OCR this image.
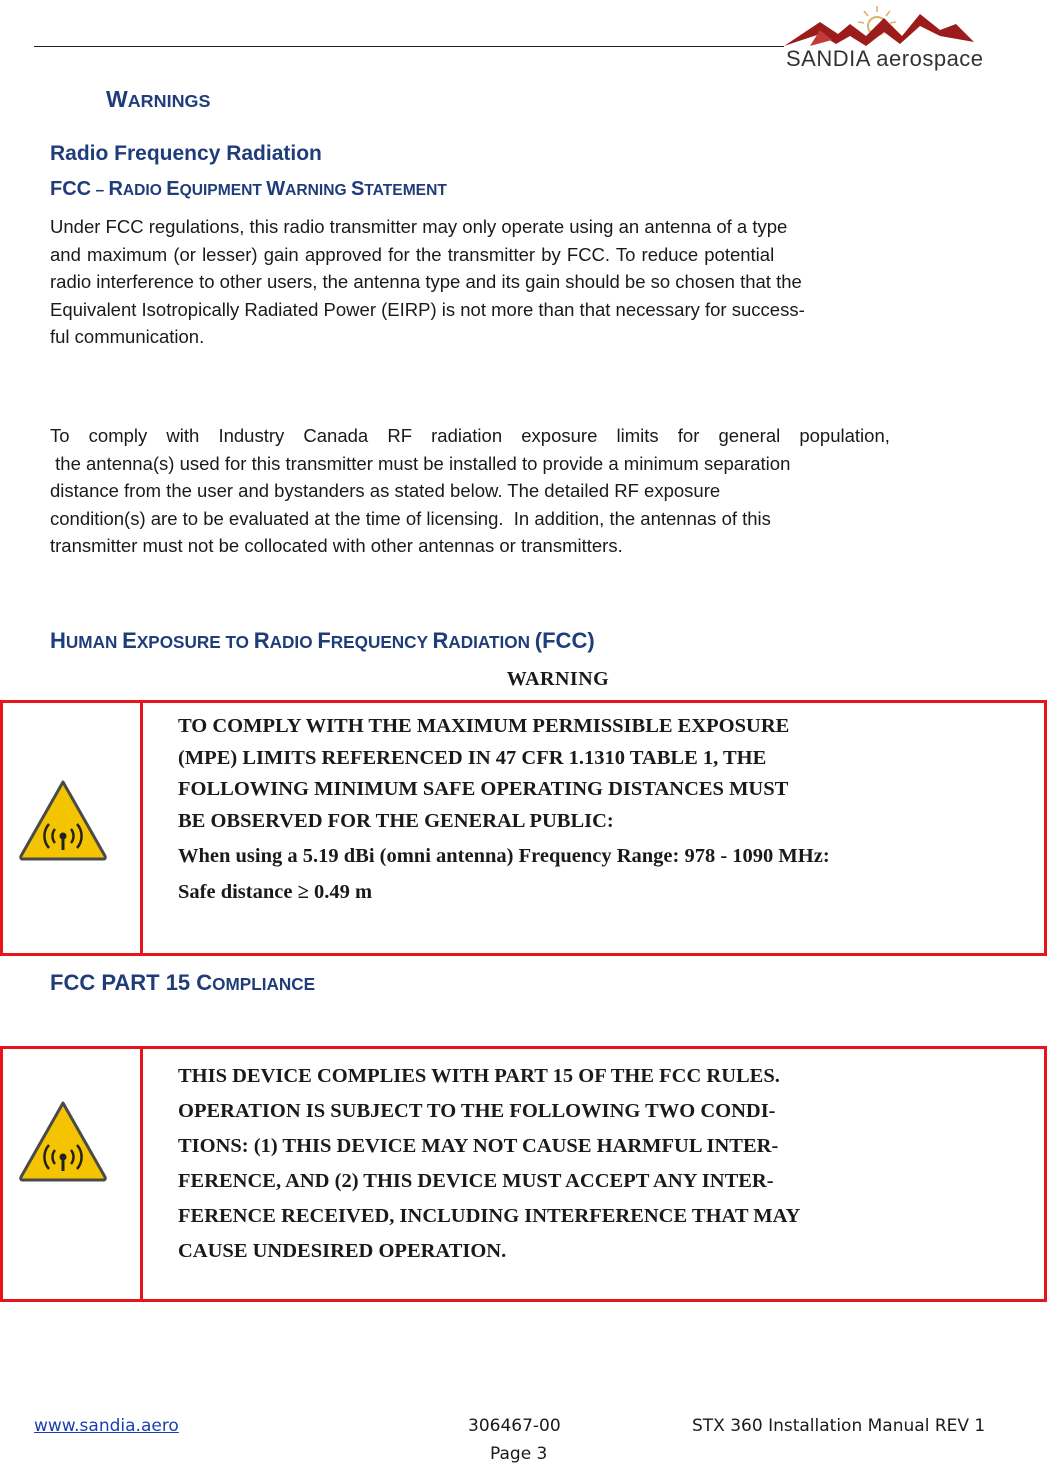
SANDIA aerospace
WARNINGS
Radio Frequency Radiation
FCC – RADIO EQUIPMENT WARNING STATEMENT
Under FCC regulations, this radio transmitter may only operate using an antenna of a type
and maximum (or lesser) gain approved for the transmitter by FCC. To reduce potential
radio interference to other users, the antenna type and its gain should be so chosen that the
Equivalent Isotropically Radiated Power (EIRP) is not more than that necessary for success-
ful communication.
To comply with Industry Canada RF radiation exposure limits for general population,
the antenna(s) used for this transmitter must be installed to provide a minimum separation
distance from the user and bystanders as stated below. The detailed RF exposure
condition(s) are to be evaluated at the time of licensing.  In addition, the antennas of this
transmitter must not be collocated with other antennas or transmitters.
HUMAN EXPOSURE TO RADIO FREQUENCY RADIATION (FCC)
WARNING
TO COMPLY WITH THE MAXIMUM PERMISSIBLE EXPOSURE
(MPE) LIMITS REFERENCED IN 47 CFR 1.1310 TABLE 1, THE
FOLLOWING MINIMUM SAFE OPERATING DISTANCES MUST
BE OBSERVED FOR THE GENERAL PUBLIC:
When using a 5.19 dBi (omni antenna) Frequency Range: 978 - 1090 MHz:
Safe distance ≥ 0.49 m
FCC PART 15 COMPLIANCE
THIS DEVICE COMPLIES WITH PART 15 OF THE FCC RULES.
OPERATION IS SUBJECT TO THE FOLLOWING TWO CONDI-
TIONS: (1) THIS DEVICE MAY NOT CAUSE HARMFUL INTER-
FERENCE, AND (2) THIS DEVICE MUST ACCEPT ANY INTER-
FERENCE RECEIVED, INCLUDING INTERFERENCE THAT MAY
CAUSE UNDESIRED OPERATION.
www.sandia.aero	306467-00	STX 360 Installation Manual REV 1
Page 3
